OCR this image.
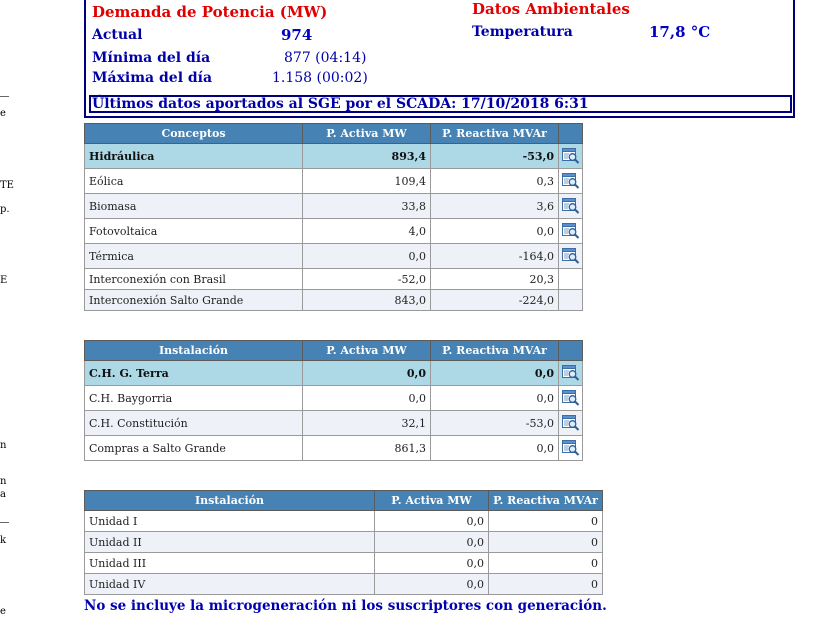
e
TE
p.
E
n
n
a
k
e
Demanda de Potencia (MW)	Datos Ambientales
Actual	974	Temperatura	17,8 °C
Mínima del día	877 (04:14)
Máxima del día	1.158 (00:02)
Últimos datos aportados al SGE por el SCADA: 17/10/2018 6:31
Conceptos	P. Activa MW	P. Reactiva MVAr	
Hidráulica	893,4	-53,0	
Eólica	109,4	0,3	
Biomasa	33,8	3,6	
Fotovoltaica	4,0	0,0	
Térmica	0,0	-164,0	
Interconexión con Brasil	-52,0	20,3	
Interconexión Salto Grande	843,0	-224,0	
Instalación	P. Activa MW	P. Reactiva MVAr	
C.H. G. Terra	0,0	0,0	
C.H. Baygorria	0,0	0,0	
C.H. Constitución	32,1	-53,0	
Compras a Salto Grande	861,3	0,0	
Instalación	P. Activa MW	P. Reactiva MVAr
Unidad I	0,0	0
Unidad II	0,0	0
Unidad III	0,0	0
Unidad IV	0,0	0
No se incluye la microgeneración ni los suscriptores con generación.
